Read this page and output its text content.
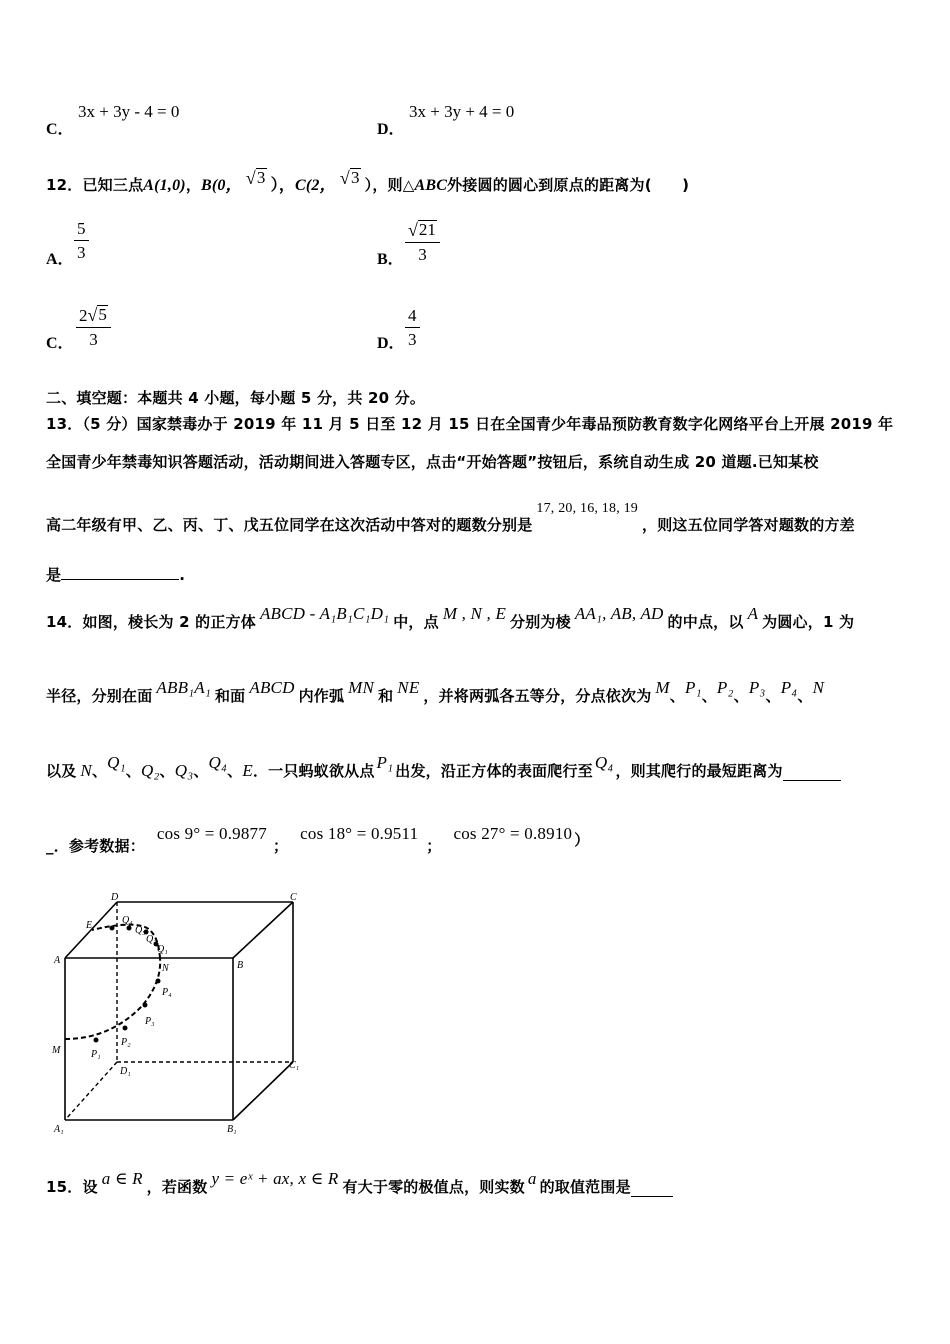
C．
3x + 3y - 4 = 0
D．
3x + 3y + 4 = 0
12．已知三点 A(1,0) ， B(0， √ 3 ）， C(2， √ 3 ），则△ ABC 外接圆的圆心到原点的距离为(　　)
A． $\frac{5}{3}$	B． $\frac{√ 21}{3}$
C． $\frac{2 √ 5}{3}$	D． $\frac{4}{3}$
二、填空题：本题共 4 小题，每小题 5 分，共 20 分。
13．（5 分）国家禁毒办于 2019 年 11 月 5 日至 12 月 15 日在全国青少年毒品预防教育数字化网络平台上开展 2019 年
全国青少年禁毒知识答题活动，活动期间进入答题专区，点击“开始答题”按钮后，系统自动生成 20 道题.已知某校
高二年级有甲、乙、丙、丁、戊五位同学在这次活动中答对的题数分别是
17, 20, 16, 18, 19
，则这五位同学答对题数的方差
是	.
14．如图，棱长为 2 的正方体 ABCD - A₁B₁C₁D₁ 中，点 M , N , E 分别为棱 AA₁, AB, AD 的中点，以 A 为圆心，1 为
半径，分别在面 ABB₁A₁ 和面 ABCD 内作弧 MN 和 NE ，并将两弧各五等分，分点依次为 M 、 P₁ 、 P₂ 、 P₃ 、 P₄ 、 N
以及 N 、 Q₁ 、 Q₂ 、 Q₃ 、 Q₄ 、 E ．一只蚂蚁欲从点 P₁ 出发，沿正方体的表面爬行至 Q₄ ，则其爬行的最短距离为
_．参考数据：
cos 9° = 0.9877
；
cos 18° = 0.9511
；
cos 27° = 0.8910 ）
A	B
C
D
A₁	B₁
C₁
D₁
M
N
E
P₁
P₂
P₃
P₄
Q₁
Q₂
Q₃
Q₄
15．设 a ∈ R ，若函数 y = eˣ + ax, x ∈ R 有大于零的极值点，则实数 a 的取值范围是
